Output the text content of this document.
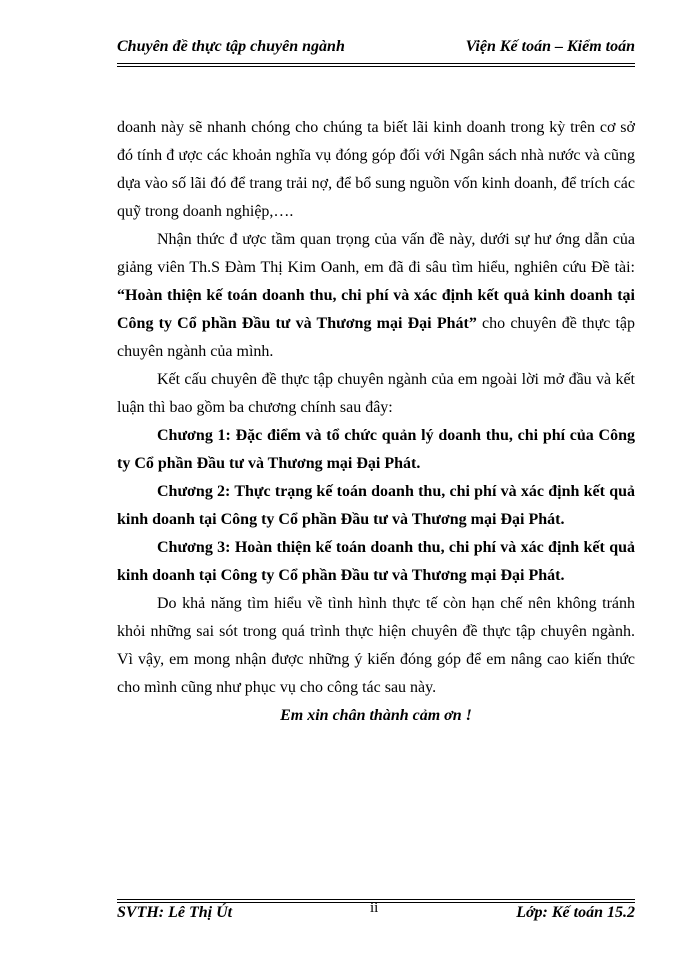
Chuyên đề thực tập chuyên ngành	Viện Kế toán – Kiểm toán

doanh này sẽ nhanh chóng cho chúng ta biết lãi kinh doanh trong kỳ trên cơ sở đó tính đ ược các khoản nghĩa vụ đóng góp đối với Ngân sách nhà nước và cũng dựa vào số lãi đó để trang trải nợ, để bổ sung nguồn vốn kinh doanh, để trích các quỹ trong doanh nghiệp,….

Nhận thức đ ược tầm quan trọng của vấn đề này, dưới sự hư ớng dẫn của giảng viên Th.S Đàm Thị Kim Oanh, em đã đi sâu tìm hiểu, nghiên cứu Đề tài: “Hoàn thiện kế toán doanh thu, chi phí và xác định kết quả kinh doanh tại Công ty Cổ phần Đầu tư và Thương mại Đại Phát” cho chuyên đề thực tập chuyên ngành của mình.

Kết cấu chuyên đề thực tập chuyên ngành của em ngoài lời mở đầu và kết luận thì bao gồm ba chương chính sau đây:

Chương 1: Đặc điểm và tổ chức quản lý doanh thu, chi phí của Công ty Cổ phần Đầu tư và Thương mại Đại Phát.

Chương 2: Thực trạng kế toán doanh thu, chi phí và xác định kết quả kinh doanh tại Công ty Cổ phần Đầu tư và Thương mại Đại Phát.

Chương 3: Hoàn thiện kế toán doanh thu, chi phí và xác định kết quả kinh doanh tại Công ty Cổ phần Đầu tư và Thương mại Đại Phát.

Do khả năng tìm hiểu về tình hình thực tế còn hạn chế nên không tránh khỏi những sai sót trong quá trình thực hiện chuyên đề thực tập chuyên ngành. Vì vậy, em mong nhận được những ý kiến đóng góp để em nâng cao kiến thức cho mình cũng như phục vụ cho công tác sau này.

Em xin chân thành cảm ơn !

SVTH: Lê Thị Út	ii	Lớp: Kế toán 15.2
